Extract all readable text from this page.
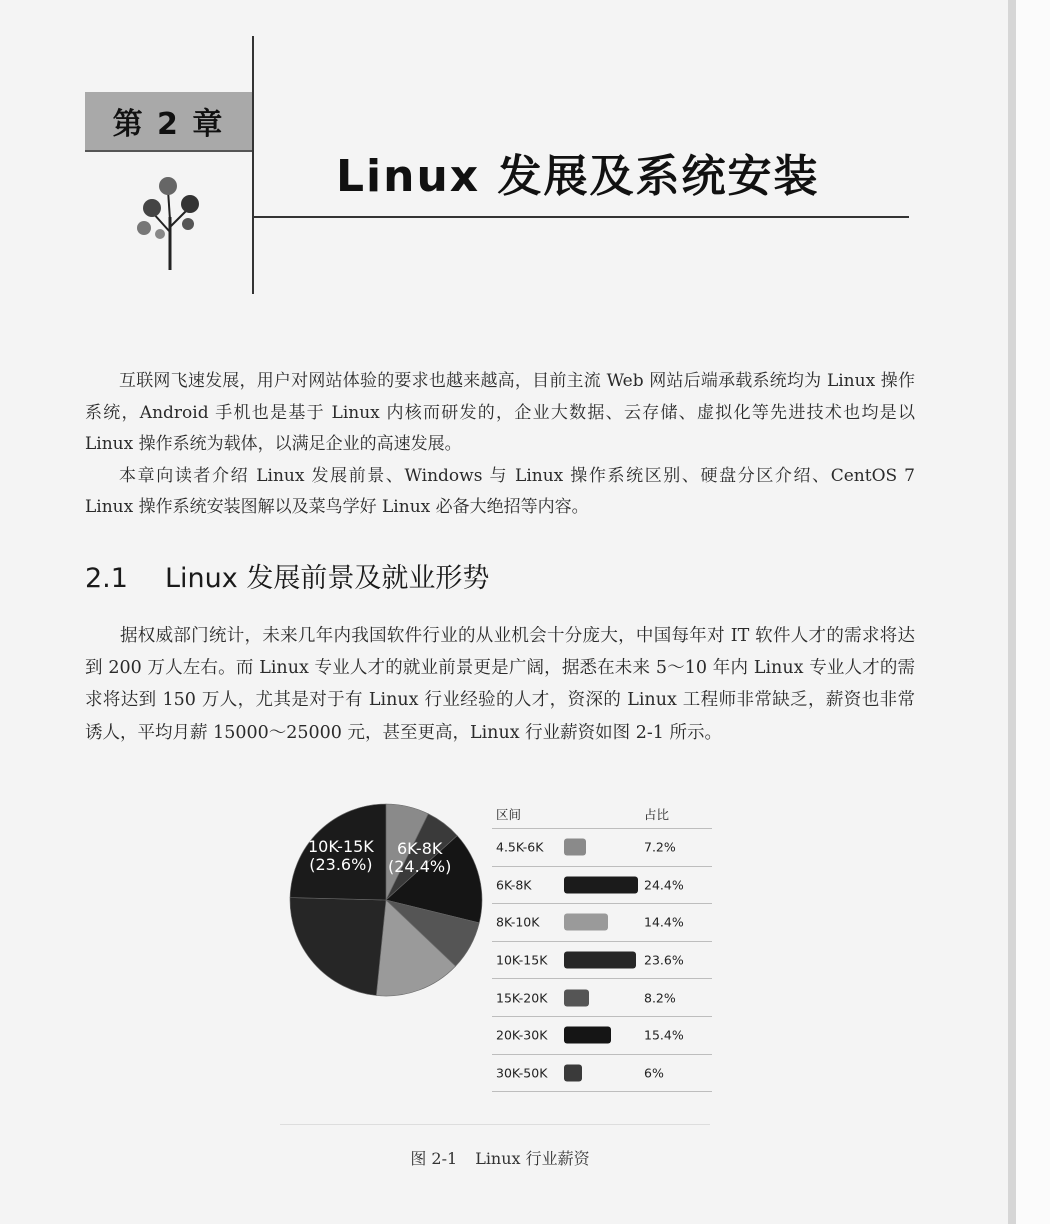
第 2 章
Linux 发展及系统安装
互联网飞速发展，用户对网站体验的要求也越来越高，目前主流 Web 网站后端承载系统均为 Linux 操作系统，Android 手机也是基于 Linux 内核而研发的，企业大数据、云存储、虚拟化等先进技术也均是以 Linux 操作系统为载体，以满足企业的高速发展。
本章向读者介绍 Linux 发展前景、Windows 与 Linux 操作系统区别、硬盘分区介绍、CentOS 7 Linux 操作系统安装图解以及菜鸟学好 Linux 必备大绝招等内容。
2.1 Linux 发展前景及就业形势
据权威部门统计，未来几年内我国软件行业的从业机会十分庞大，中国每年对 IT 软件人才的需求将达到 200 万人左右。而 Linux 专业人才的就业前景更是广阔，据悉在未来 5～10 年内 Linux 专业人才的需求将达到 150 万人，尤其是对于有 Linux 行业经验的人才，资深的 Linux 工程师非常缺乏，薪资也非常诱人，平均月薪 15000～25000 元，甚至更高，Linux 行业薪资如图 2-1 所示。
10K-15K
(23.6%)
6K-8K
(24.4%)
区间	占比
4.5K-6K	7.2%
6K-8K	24.4%
8K-10K	14.4%
10K-15K	23.6%
15K-20K	8.2%
20K-30K	15.4%
30K-50K	6%
图 2-1 Linux 行业薪资
